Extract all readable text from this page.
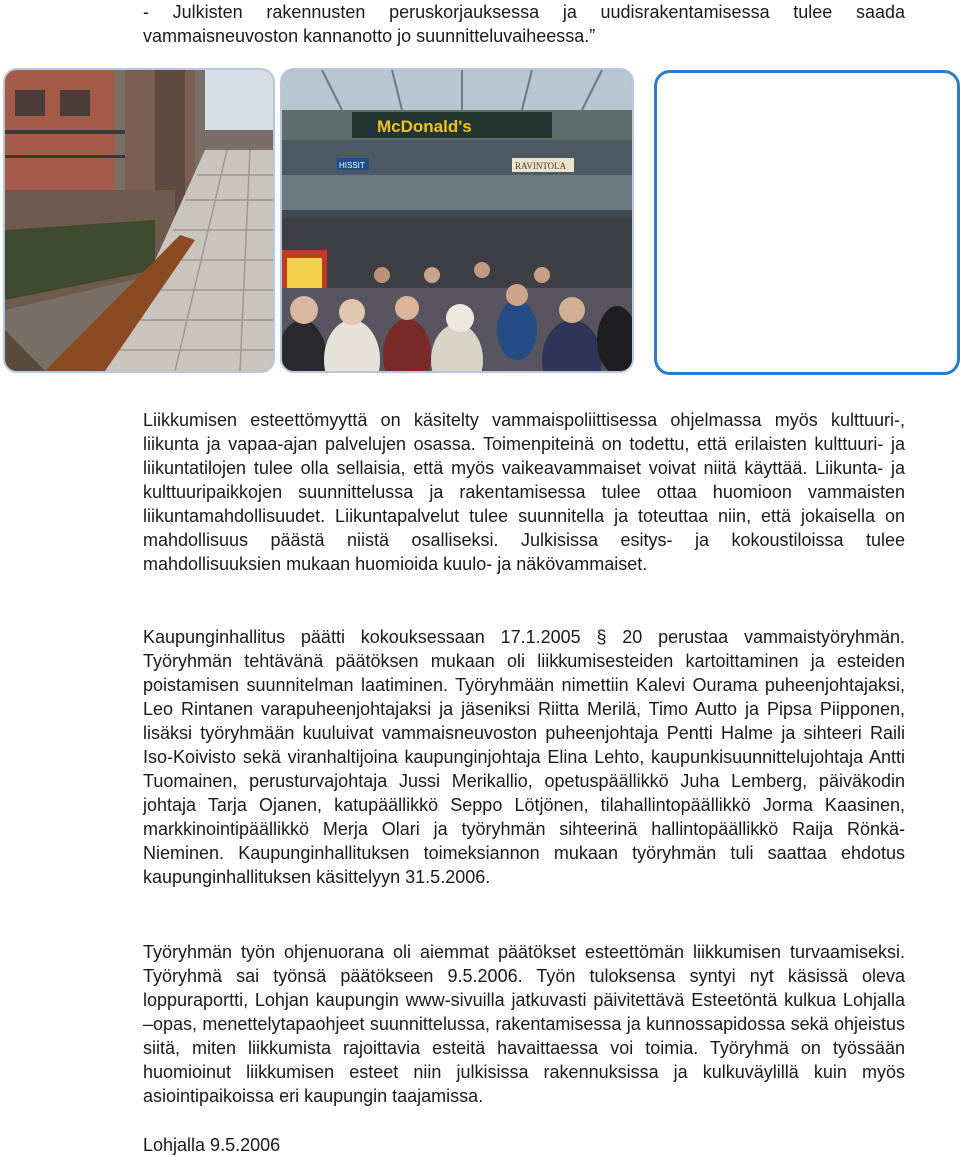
- Julkisten rakennusten peruskorjauksessa ja uudisrakentamisessa tulee saada vammaisneuvoston kannanotto jo suunnitteluvaiheessa.”

McDonald's
HISSIT	RAVINTOLA

Liikkumisen esteettömyyttä on käsitelty vammaispoliittisessa ohjelmassa myös kulttuuri-, liikunta ja vapaa-ajan palvelujen osassa. Toimenpiteinä on todettu, että erilaisten kulttuuri- ja liikuntatilojen tulee olla sellaisia, että myös vaikeavammaiset voivat niitä käyttää. Liikunta- ja kulttuuripaikkojen suunnittelussa ja rakentamisessa tulee ottaa huomioon vammaisten liikuntamahdollisuudet. Liikuntapalvelut tulee suunnitella ja toteuttaa niin, että jokaisella on mahdollisuus päästä niistä osalliseksi. Julkisissa esitys- ja kokoustiloissa tulee mahdollisuuksien mukaan huomioida kuulo- ja näkövammaiset.

Kaupunginhallitus päätti kokouksessaan 17.1.2005 § 20 perustaa vammaistyöryhmän. Työryhmän tehtävänä päätöksen mukaan oli liikkumisesteiden kartoittaminen ja esteiden poistamisen suunnitelman laatiminen. Työryhmään nimettiin Kalevi Ourama puheenjohtajaksi, Leo Rintanen varapuheenjohtajaksi ja jäseniksi Riitta Merilä, Timo Autto ja Pipsa Piipponen, lisäksi työryhmään kuuluivat vammaisneuvoston puheenjohtaja Pentti Halme ja sihteeri Raili Iso-Koivisto sekä viranhaltijoina kaupunginjohtaja Elina Lehto, kaupunkisuunnittelujohtaja Antti Tuomainen, perusturvajohtaja Jussi Merikallio, opetuspäällikkö Juha Lemberg, päiväkodin johtaja Tarja Ojanen, katupäällikkö Seppo Lötjönen, tilahallintopäällikkö Jorma Kaasinen, markkinointipäällikkö Merja Olari ja työryhmän sihteerinä hallintopäällikkö Raija Rönkä-Nieminen. Kaupunginhallituksen toimeksiannon mukaan työryhmän tuli saattaa ehdotus kaupunginhallituksen käsittelyyn 31.5.2006.

Työryhmän työn ohjenuorana oli aiemmat päätökset esteettömän liikkumisen turvaamiseksi. Työryhmä sai työnsä päätökseen 9.5.2006. Työn tuloksensa syntyi nyt käsissä oleva loppuraportti, Lohjan kaupungin www-sivuilla jatkuvasti päivitettävä Esteetöntä kulkua Lohjalla –opas, menettelytapaohjeet suunnittelussa, rakentamisessa ja kunnossapidossa sekä ohjeistus siitä, miten liikkumista rajoittavia esteitä havaittaessa voi toimia. Työryhmä on työssään huomioinut liikkumisen esteet niin julkisissa rakennuksissa ja kulkuväylillä kuin myös asiointipaikoissa eri kaupungin taajamissa.

Lohjalla 9.5.2006
